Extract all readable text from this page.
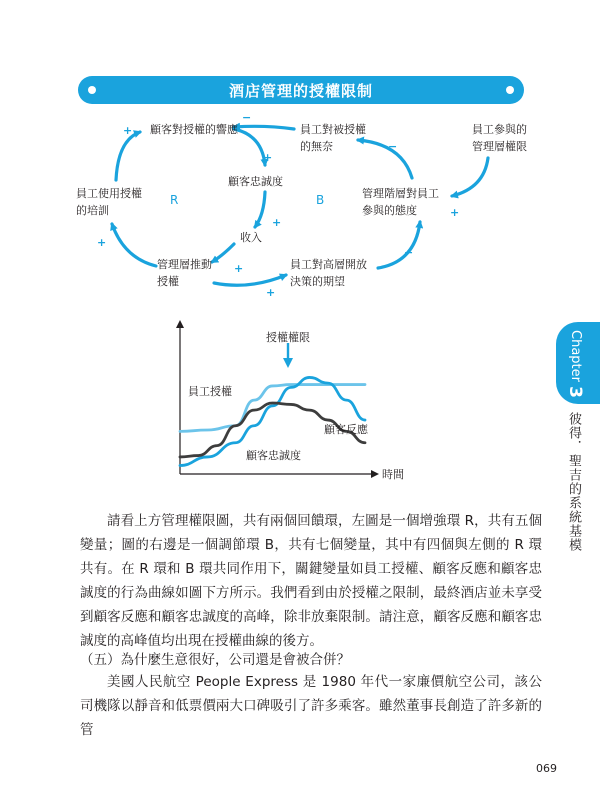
酒店管理的授權限制
顧客對授權的響應	員工對被授權
的無奈
員工參與的
管理層權限
顧客忠誠度
員工使用授權
的培訓
管理階層對員工
參與的態度
收入
管理層推動
授權
員工對高層開放
決策的期望
R	B
+
−
+
−
+
+
+
+
−
+
授權權限
員工授權
顧客反應
顧客忠誠度
時間
Chapter 3
彼得．聖吉的系統基模

請看上方管理權限圖，共有兩個回饋環，左圖是一個增強環 R，共有五個變量；圖的右邊是一個調節環 B，共有七個變量，其中有四個與左側的 R 環共有。在 R 環和 B 環共同作用下，關鍵變量如員工授權、顧客反應和顧客忠誠度的行為曲線如圖下方所示。我們看到由於授權之限制，最終酒店並未享受到顧客反應和顧客忠誠度的高峰，除非放棄限制。請注意，顧客反應和顧客忠誠度的高峰值均出現在授權曲線的後方。

（五）為什麼生意很好，公司還是會被合併？

美國人民航空 People Express 是 1980 年代一家廉價航空公司，該公司機隊以靜音和低票價兩大口碑吸引了許多乘客。雖然董事長創造了許多新的管

069
